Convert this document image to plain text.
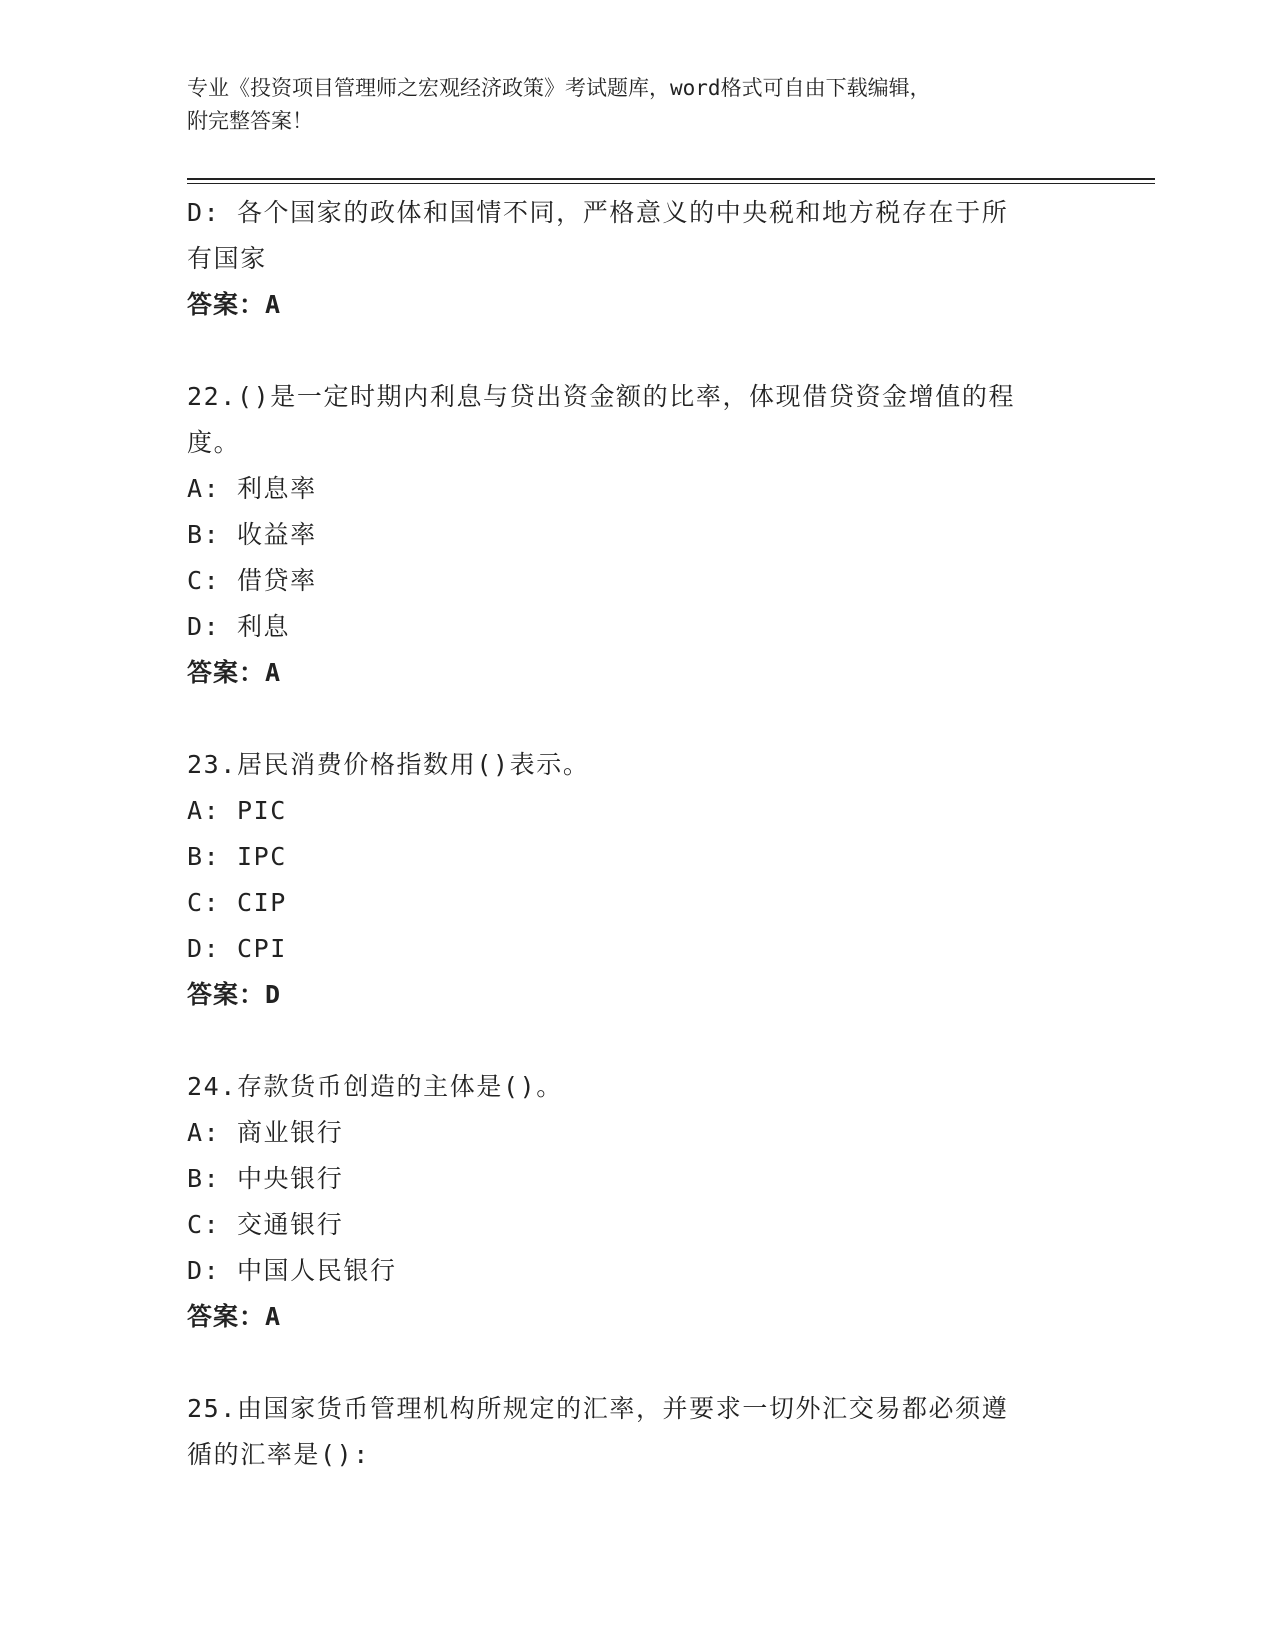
专业《投资项目管理师之宏观经济政策》考试题库，word格式可自由下载编辑，
附完整答案！

D: 各个国家的政体和国情不同，严格意义的中央税和地方税存在于所

有国家

答案：A

22.()是一定时期内利息与贷出资金额的比率，体现借贷资金增值的程

度。

A: 利息率

B: 收益率

C: 借贷率

D: 利息

答案：A

23.居民消费价格指数用()表示。

A: PIC

B: IPC

C: CIP

D: CPI

答案：D

24.存款货币创造的主体是()。

A: 商业银行

B: 中央银行

C: 交通银行

D: 中国人民银行

答案：A

25.由国家货币管理机构所规定的汇率，并要求一切外汇交易都必须遵

循的汇率是():
